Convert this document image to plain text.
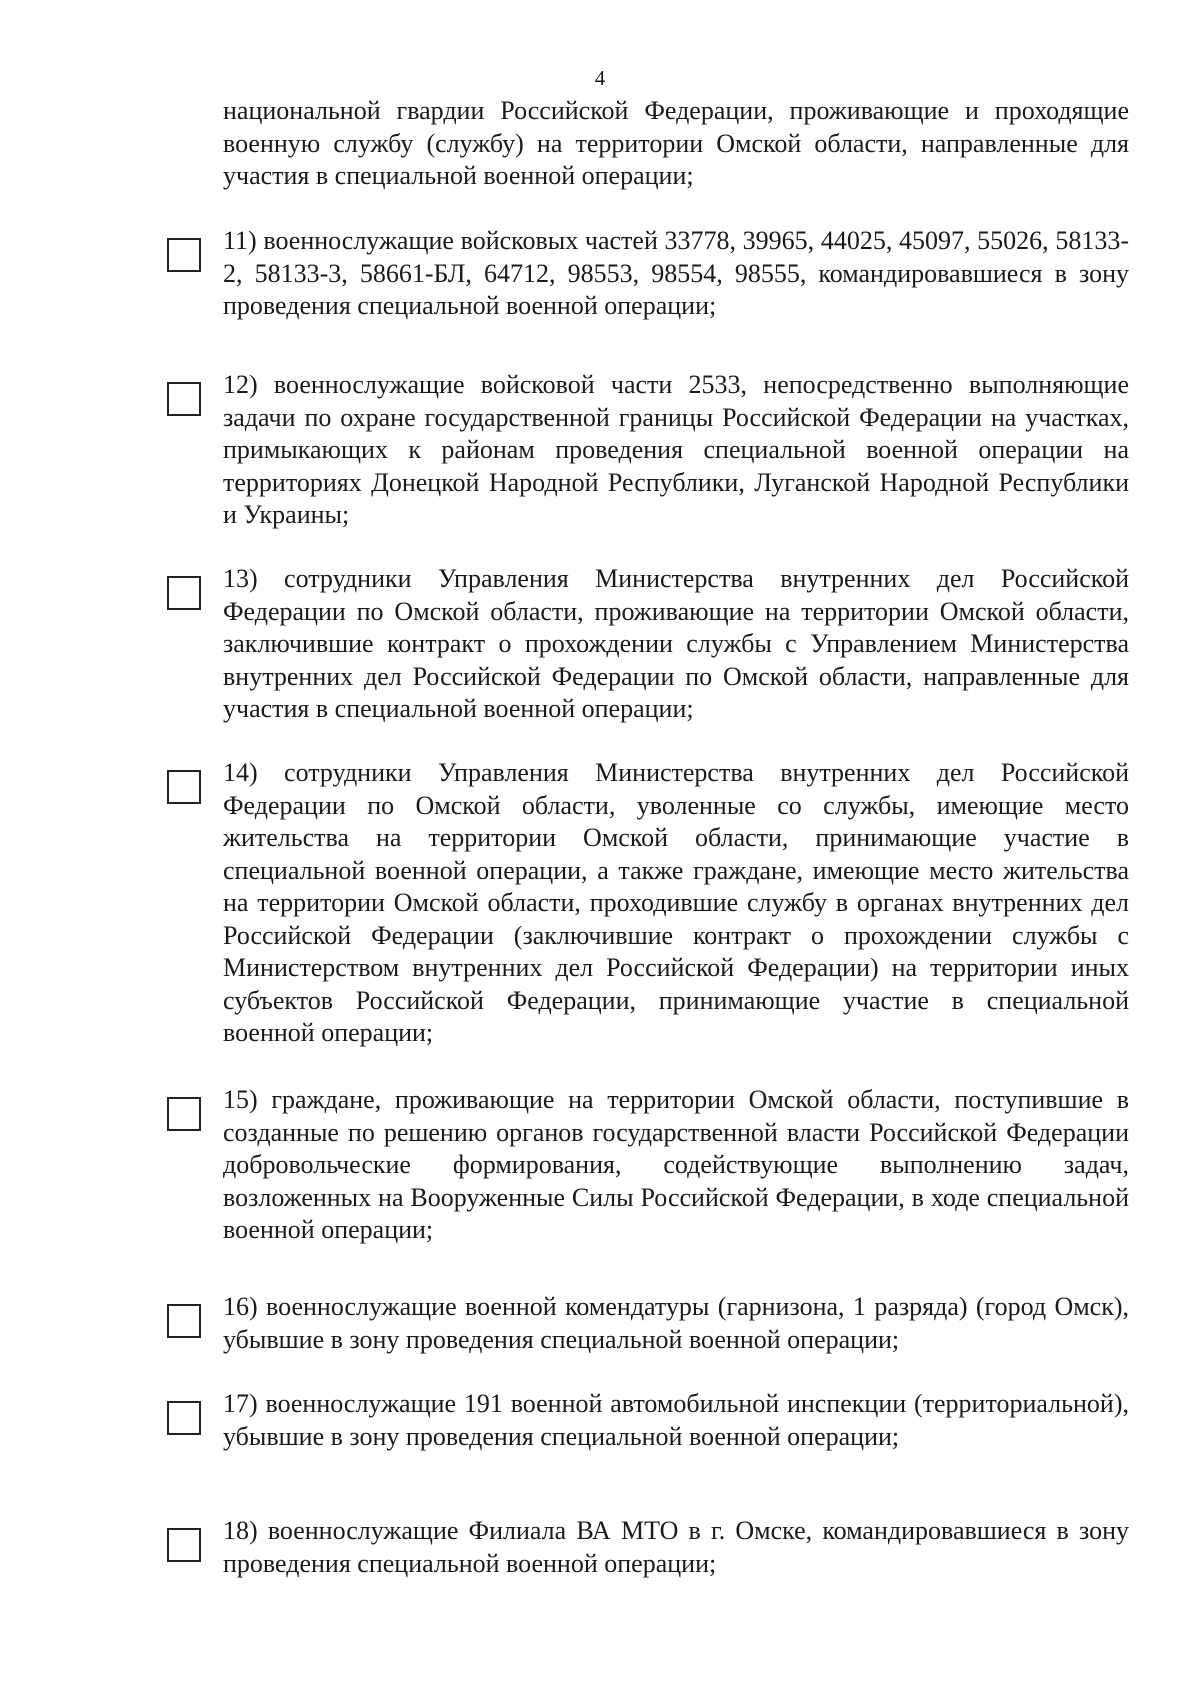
4

национальной гвардии Российской Федерации, проживающие и проходящие военную службу (службу) на территории Омской области, направленные для участия в специальной военной операции;

11) военнослужащие войсковых частей 33778, 39965, 44025, 45097, 55026, 58133-2, 58133-3, 58661-БЛ, 64712, 98553, 98554, 98555, командировавшиеся в зону проведения специальной военной операции;

12) военнослужащие войсковой части 2533, непосредственно выполняющие задачи по охране государственной границы Российской Федерации на участках, примыкающих к районам проведения специальной военной операции на территориях Донецкой Народной Республики, Луганской Народной Республики и Украины;

13) сотрудники Управления Министерства внутренних дел Российской Федерации по Омской области, проживающие на территории Омской области, заключившие контракт о прохождении службы с Управлением Министерства внутренних дел Российской Федерации по Омской области, направленные для участия в специальной военной операции;

14) сотрудники Управления Министерства внутренних дел Российской Федерации по Омской области, уволенные со службы, имеющие место жительства на территории Омской области, принимающие участие в специальной военной операции, а также граждане, имеющие место жительства на территории Омской области, проходившие службу в органах внутренних дел Российской Федерации (заключившие контракт о прохождении службы с Министерством внутренних дел Российской Федерации) на территории иных субъектов Российской Федерации, принимающие участие в специальной военной операции;

15) граждане, проживающие на территории Омской области, поступившие в созданные по решению органов государственной власти Российской Федерации добровольческие формирования, содействующие выполнению задач, возложенных на Вооруженные Силы Российской Федерации, в ходе специальной военной операции;

16) военнослужащие военной комендатуры (гарнизона, 1 разряда) (город Омск), убывшие в зону проведения специальной военной операции;

17) военнослужащие 191 военной автомобильной инспекции (территориальной), убывшие в зону проведения специальной военной операции;

18) военнослужащие Филиала ВА МТО в г. Омске, командировавшиеся в зону проведения специальной военной операции;
